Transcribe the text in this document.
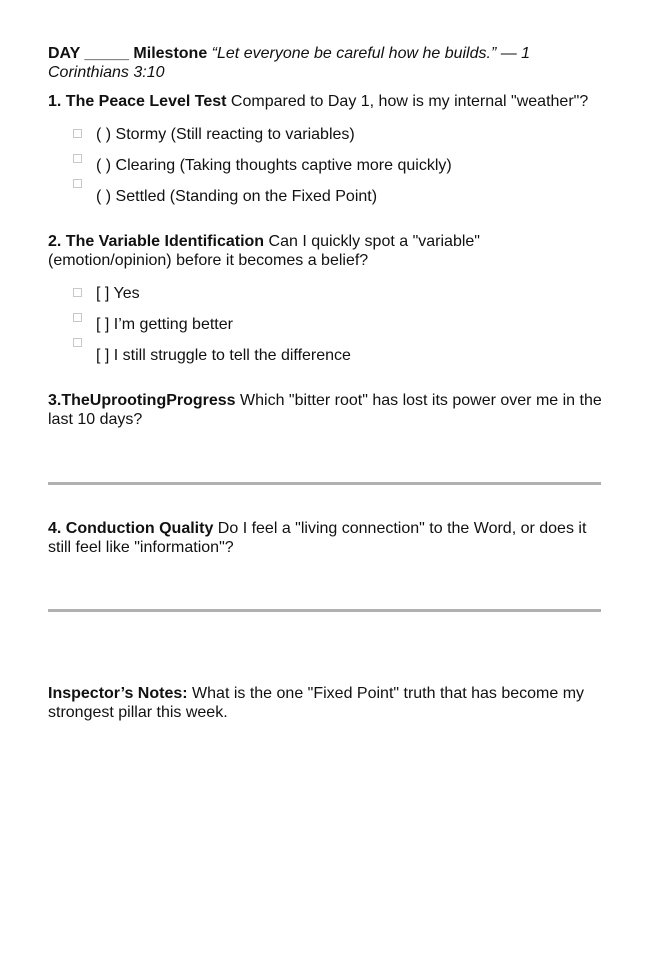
DAY _____ Milestone “Let everyone be careful how he builds.” — 1 Corinthians 3:10

1. The Peace Level Test Compared to Day 1, how is my internal "weather"?

( ) Stormy (Still reacting to variables)
( ) Clearing (Taking thoughts captive more quickly)
( ) Settled (Standing on the Fixed Point)

2. The Variable Identification Can I quickly spot a "variable" (emotion/opinion) before it becomes a belief?

[ ] Yes
[ ] I’m getting better
[ ] I still struggle to tell the difference

3.TheUprootingProgress Which "bitter root" has lost its power over me in the last 10 days?

4. Conduction Quality Do I feel a "living connection" to the Word, or does it still feel like "information"?

Inspector’s Notes: What is the one "Fixed Point" truth that has become my strongest pillar this week.
